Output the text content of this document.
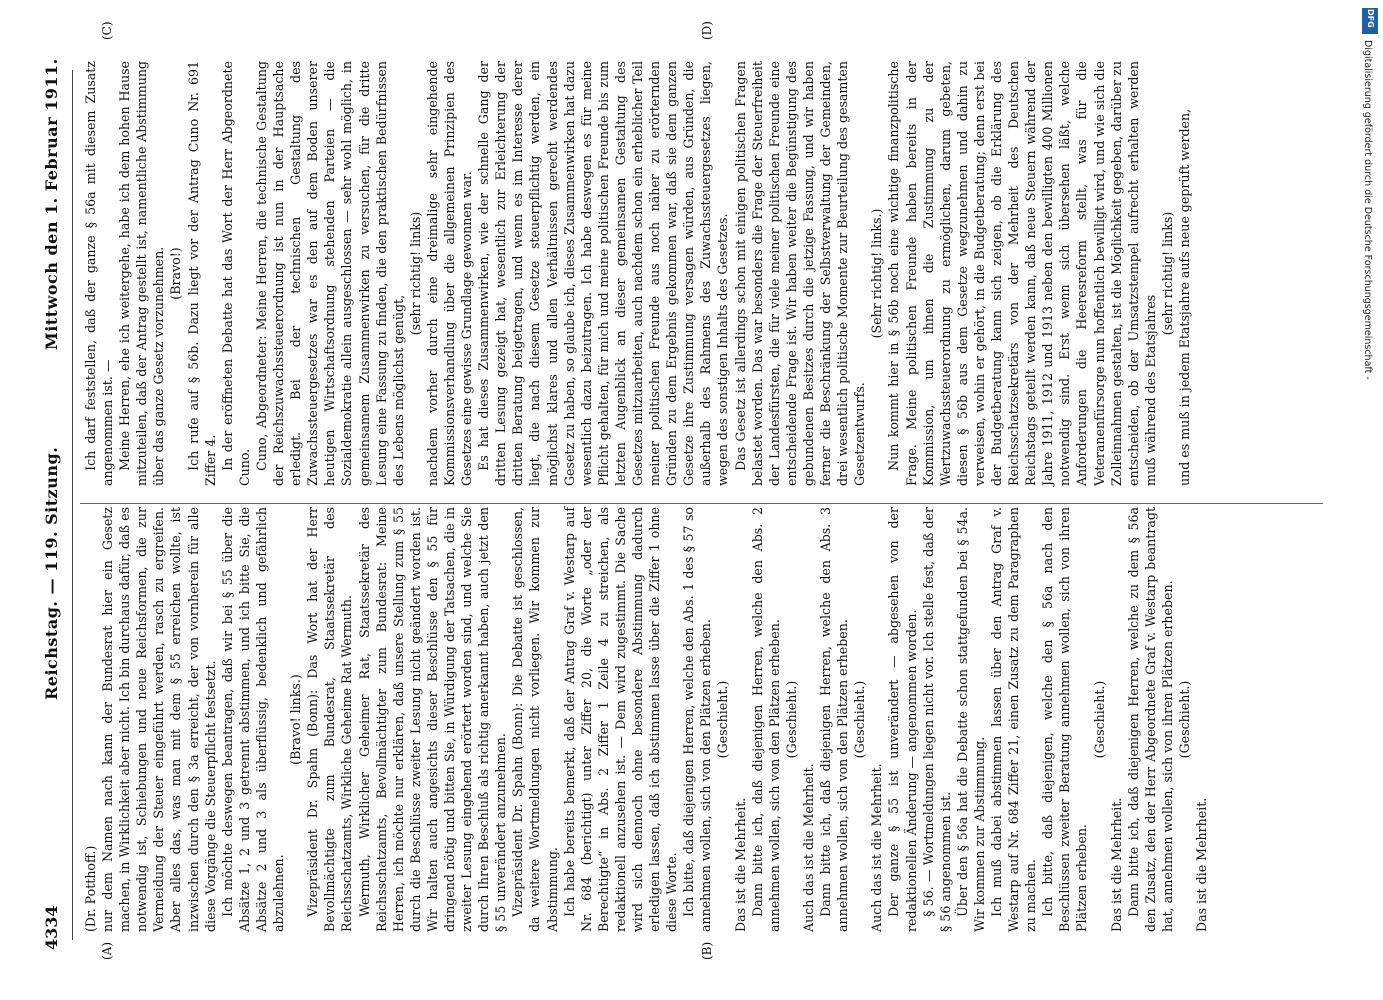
4334
Reichstag. — 119. Sitzung.
Mittwoch den 1. Februar 1911.
(A)	(B)
(C)	(D)

(Dr. Potthoff.) nur dem Namen nach kann der Bundesrat hier ein Gesetz machen, in Wirklichkeit aber nicht. Ich bin durchaus dafür, daß es notwendig ist, Schiebungen und neue Reichsformen, die zur Vermeidung der Steuer eingeführt werden, rasch zu ergreifen. Aber alles das, was man mit dem § 55 erreichen wollte, ist inzwischen durch den § 3a erreicht, der von vornherein für alle diese Vorgänge die Steuerpflicht festsetzt. Ich möchte deswegen beantragen, daß wir bei § 55 über die Absätze 1, 2 und 3 getrennt abstimmen, und ich bitte Sie, die Absätze 2 und 3 als überflüssig, bedenklich und gefährlich abzulehnen.

(Bravo! links.) Vizepräsident Dr. Spahn (Bonn): Das Wort hat der Herr Bevollmächtigte zum Bundesrat, Staatssekretär des Reichsschatzamts, Wirkliche Geheime Rat Wermuth. Wermuth, Wirklicher Geheimer Rat, Staatssekretär des Reichsschatzamts, Bevollmächtigter zum Bundesrat: Meine Herren, ich möchte nur erklären, daß unsere Stellung zum § 55 durch die Beschlüsse zweiter Lesung nicht geändert worden ist. Wir halten auch angesichts dieser Beschlüsse den § 55 für dringend nötig und bitten Sie, in Würdigung der Tatsachen, die in zweiter Lesung eingehend erörtert worden sind, und welche Sie durch Ihren Beschluß als richtig anerkannt haben, auch jetzt den § 55 unverändert anzunehmen. Vizepräsident Dr. Spahn (Bonn): Die Debatte ist geschlossen, da weitere Wortmeldungen nicht vorliegen. Wir kommen zur Abstimmung. Ich habe bereits bemerkt, daß der Antrag Graf v. Westarp auf Nr. 684 (berichtigt) unter Ziffer 20, die Worte „oder der Berechtigte“ in Abs. 2 Ziffer 1 Zeile 4 zu streichen, als redaktionell anzusehen ist. — Dem wird zugestimmt. Die Sache wird sich dennoch ohne besondere Abstimmung dadurch erledigen lassen, daß ich abstimmen lasse über die Ziffer 1 ohne diese Worte. Ich bitte, daß diejenigen Herren, welche den Abs. 1 des § 57 so annehmen wollen, sich von den Plätzen erheben. (Geschieht.)

Das ist die Mehrheit. Dann bitte ich, daß diejenigen Herren, welche den Abs. 2 annehmen wollen, sich von den Plätzen erheben. (Geschieht.)

Auch das ist die Mehrheit. Dann bitte ich, daß diejenigen Herren, welche den Abs. 3 annehmen wollen, sich von den Plätzen erheben. (Geschieht.)

Auch das ist die Mehrheit. Der ganze § 55 ist unverändert — abgesehen von der redaktionellen Änderung — angenommen worden. § 56. — Wortmeldungen liegen nicht vor. Ich stelle fest, daß der § 56 angenommen ist. Über den § 56a hat die Debatte schon stattgefunden bei § 54a. Wir kommen zur Abstimmung. Ich muß dabei abstimmen lassen über den Antrag Graf v. Westarp auf Nr. 684 Ziffer 21, einen Zusatz zu dem Paragraphen zu machen. Ich bitte, daß diejenigen, welche den § 56a nach den Beschlüssen zweiter Beratung annehmen wollen, sich von ihren Plätzen erheben.

(Geschieht.)

Das ist die Mehrheit. Dann bitte ich, daß diejenigen Herren, welche zu dem § 56a den Zusatz, den der Herr Abgeordnete Graf v. Westarp beantragt hat, annehmen wollen, sich von ihren Plätzen erheben. (Geschieht.)

Das ist die Mehrheit.

Ich darf feststellen, daß der ganze § 56a mit diesem Zusatz angenommen ist. — Meine Herren, ehe ich weitergehe, habe ich dem hohen Hause mitzuteilen, daß der Antrag gestellt ist, namentliche Abstimmung über das ganze Gesetz vorzunehmen. (Bravo!) Ich rufe auf § 56b. Dazu liegt vor der Antrag Cuno Nr. 691 Ziffer 4. In der eröffneten Debatte hat das Wort der Herr Abgeordnete Cuno. Cuno, Abgeordneter: Meine Herren, die technische Gestaltung der Reichszuwachssteuerordnung ist nun in der Hauptsache erledigt. Bei der technischen Gestaltung des Zuwachssteuergesetzes war es den auf dem Boden unserer heutigen Wirtschaftsordnung stehenden Parteien — die Sozialdemokratie allein ausgeschlossen — sehr wohl möglich, in gemeinsamem Zusammenwirken zu versuchen, für die dritte Lesung eine Fassung zu finden, die den praktischen Bedürfnissen des Lebens möglichst genügt,

(sehr richtig! links) nachdem vorher durch eine dreimalige sehr eingehende Kommissionsverhandlung über die allgemeinen Prinzipien des Gesetzes eine gewisse Grundlage gewonnen war. Es hat dieses Zusammenwirken, wie der schnelle Gang der dritten Lesung gezeigt hat, wesentlich zur Erleichterung der dritten Beratung beigetragen, und wenn es im Interesse derer liegt, die nach diesem Gesetze steuerpflichtig werden, ein möglichst klares und allen Verhältnissen gerecht werdendes Gesetz zu haben, so glaube ich, dieses Zusammenwirken hat dazu wesentlich dazu beizutragen. Ich habe deswegen es für meine Pflicht gehalten, für mich und meine politischen Freunde bis zum letzten Augenblick an dieser gemeinsamen Gestaltung des Gesetzes mitzuarbeiten, auch nachdem schon ein erheblicher Teil meiner politischen Freunde aus noch näher zu erörternden Gründen zu dem Ergebnis gekommen war, daß sie dem ganzen Gesetze ihre Zustimmung versagen würden, aus Gründen, die außerhalb des Rahmens des Zuwachssteuergesetzes liegen, wegen des sonstigen Inhalts des Gesetzes. Das Gesetz ist allerdings schon mit einigen politischen Fragen belastet worden. Das war besonders die Frage der Steuerfreiheit der Landesfürsten, die für viele meiner politischen Freunde eine entscheidende Frage ist. Wir haben weiter die Begünstigung des gebundenen Besitzes durch die jetzige Fassung, und wir haben ferner die Beschränkung der Selbstverwaltung der Gemeinden, drei wesentlich politische Momente zur Beurteilung des gesamten Gesetzentwurfs.

(Sehr richtig! links.) Nun kommt hier in § 56b noch eine wichtige finanzpolitische Frage. Meine politischen Freunde haben bereits in der Kommission, um ihnen die Zustimmung zu der Wertzuwachssteuerordnung zu ermöglichen, darum gebeten, diesen § 56b aus dem Gesetze wegzunehmen und dahin zu verweisen, wohin er gehört, in die Budgetberatung; denn erst bei der Budgetberatung kann sich zeigen, ob die Erklärung des Reichsschatzsekretärs von der Mehrheit des Deutschen Reichstags geteilt werden kann, daß neue Steuern während der Jahre 1911, 1912 und 1913 neben den bewilligten 400 Millionen notwendig sind. Erst wenn sich übersehen läßt, welche Anforderungen die Heeresreform stellt, was für die Veteranenfürsorge nun hoffentlich bewilligt wird, und wie sich die Zolleinnahmen gestalten, ist die Möglichkeit gegeben, darüber zu entscheiden, ob der Umsatzstempel aufrecht erhalten werden muß während des Etatsjahres

(sehr richtig! links) und es muß in jedem Etatsjahre aufs neue geprüft werden,

DFG
Digitalisierung gefördert durch die Deutsche Forschungsgemeinschaft -
